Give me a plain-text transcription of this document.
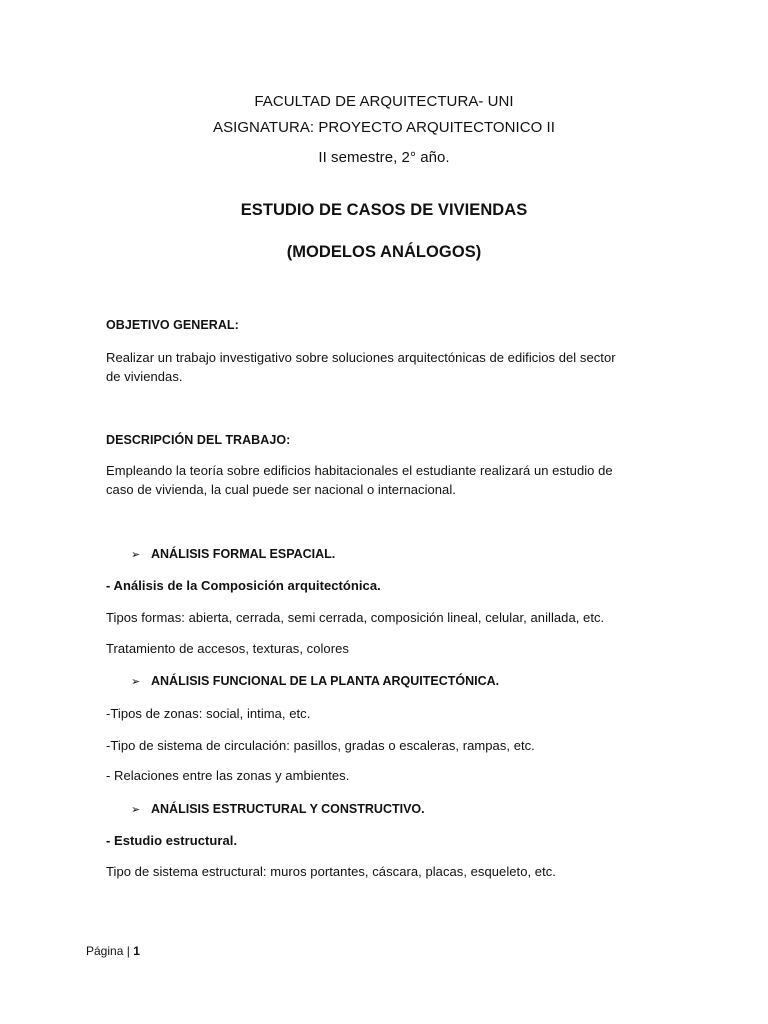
FACULTAD DE ARQUITECTURA- UNI
ASIGNATURA: PROYECTO ARQUITECTONICO II
II semestre, 2° año.
ESTUDIO DE CASOS DE VIVIENDAS
(MODELOS ANÁLOGOS)
OBJETIVO GENERAL:
Realizar un trabajo investigativo sobre soluciones arquitectónicas de edificios del sector
de viviendas.
DESCRIPCIÓN DEL TRABAJO:
Empleando la teoría sobre edificios habitacionales el estudiante realizará un estudio de
caso de vivienda, la cual puede ser nacional o internacional.
➢ ANÁLISIS FORMAL ESPACIAL.
- Análisis de la Composición arquitectónica.
Tipos formas: abierta, cerrada, semi cerrada, composición lineal, celular, anillada, etc.
Tratamiento de accesos, texturas, colores
➢ ANÁLISIS FUNCIONAL DE LA PLANTA ARQUITECTÓNICA.
-Tipos de zonas: social, intima, etc.
-Tipo de sistema de circulación: pasillos, gradas o escaleras, rampas, etc.
- Relaciones entre las zonas y ambientes.
➢ ANÁLISIS ESTRUCTURAL Y CONSTRUCTIVO.
- Estudio estructural.
Tipo de sistema estructural: muros portantes, cáscara, placas, esqueleto, etc.
Página | 1
